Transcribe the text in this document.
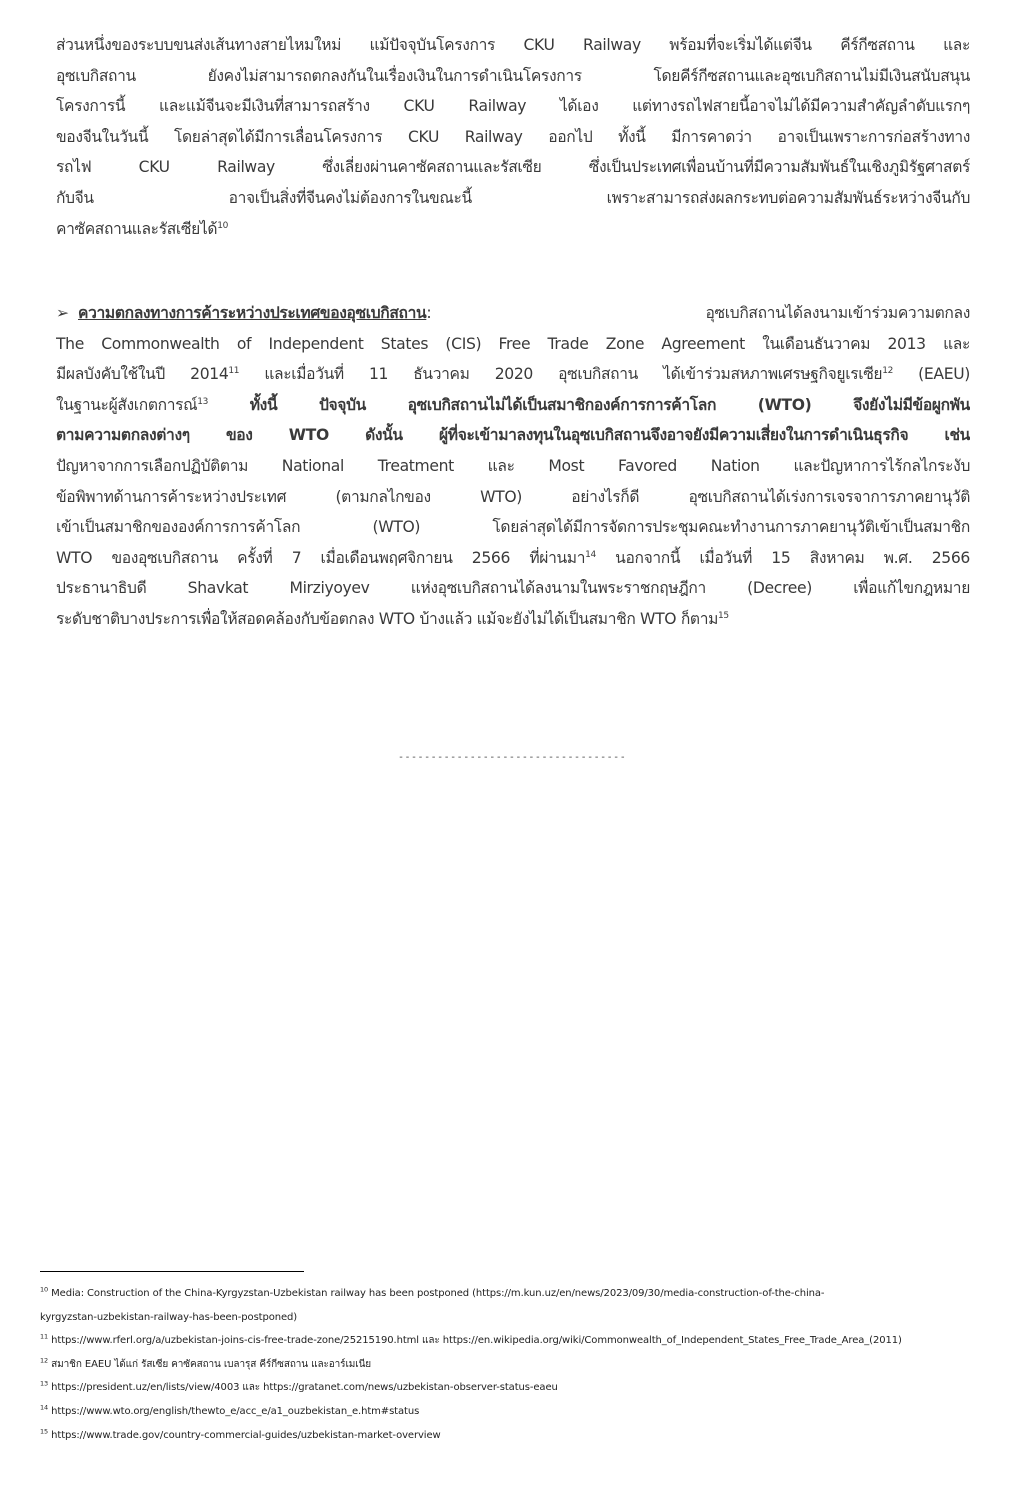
ส่วนหนึ่งของระบบขนส่งเส้นทางสายไหมใหม่ แม้ปัจจุบันโครงการ CKU Railway พร้อมที่จะเริ่มได้แต่จีน คีร์กีซสถาน และ
อุซเบกิสถาน ยังคงไม่สามารถตกลงกันในเรื่องเงินในการดำเนินโครงการ โดยคีร์กีซสถานและอุซเบกิสถานไม่มีเงินสนับสนุน
โครงการนี้ และแม้จีนจะมีเงินที่สามารถสร้าง CKU Railway ได้เอง แต่ทางรถไฟสายนี้อาจไม่ได้มีความสำคัญลำดับแรกๆ
ของจีนในวันนี้ โดยล่าสุดได้มีการเลื่อนโครงการ CKU Railway ออกไป ทั้งนี้ มีการคาดว่า อาจเป็นเพราะการก่อสร้างทาง
รถไฟ CKU Railway ซึ่งเลี่ยงผ่านคาซัคสถานและรัสเซีย ซึ่งเป็นประเทศเพื่อนบ้านที่มีความสัมพันธ์ในเชิงภูมิรัฐศาสตร์
กับจีน อาจเป็นสิ่งที่จีนคงไม่ต้องการในขณะนี้ เพราะสามารถส่งผลกระทบต่อความสัมพันธ์ระหว่างจีนกับ
คาซัคสถานและรัสเซียได้$^{10}$
➢ ความตกลงทางการค้าระหว่างประเทศของอุซเบกิสถาน: อุซเบกิสถานได้ลงนามเข้าร่วมความตกลง
The Commonwealth of Independent States (CIS) Free Trade Zone Agreement ในเดือนธันวาคม 2013 และ
มีผลบังคับใช้ในปี 2014$^{11}$ และเมื่อวันที่ 11 ธันวาคม 2020 อุซเบกิสถาน ได้เข้าร่วมสหภาพเศรษฐกิจยูเรเซีย$^{12}$ (EAEU)
ในฐานะผู้สังเกตการณ์$^{13}$ ทั้งนี้ ปัจจุบัน อุซเบกิสถานไม่ได้เป็นสมาชิกองค์การการค้าโลก (WTO) จึงยังไม่มีข้อผูกพัน
ตามความตกลงต่างๆ ของ WTO ดังนั้น ผู้ที่จะเข้ามาลงทุนในอุซเบกิสถานจึงอาจยังมีความเสี่ยงในการดำเนินธุรกิจ เช่น
ปัญหาจากการเลือกปฏิบัติตาม National Treatment และ Most Favored Nation และปัญหาการไร้กลไกระงับ
ข้อพิพาทด้านการค้าระหว่างประเทศ (ตามกลไกของ WTO) อย่างไรก็ดี อุซเบกิสถานได้เร่งการเจรจาการภาคยานุวัติ
เข้าเป็นสมาชิกขององค์การการค้าโลก (WTO) โดยล่าสุดได้มีการจัดการประชุมคณะทำงานการภาคยานุวัติเข้าเป็นสมาชิก
WTO ของอุซเบกิสถาน ครั้งที่ 7 เมื่อเดือนพฤศจิกายน 2566 ที่ผ่านมา$^{14}$ นอกจากนี้ เมื่อวันที่ 15 สิงหาคม พ.ศ. 2566
ประธานาธิบดี Shavkat Mirziyoyev แห่งอุซเบกิสถานได้ลงนามในพระราชกฤษฎีกา (Decree) เพื่อแก้ไขกฎหมาย
ระดับชาติบางประการเพื่อให้สอดคล้องกับข้อตกลง WTO บ้างแล้ว แม้จะยังไม่ได้เป็นสมาชิก WTO ก็ตาม$^{15}$
-----------------------------------
$^{10}$ Media: Construction of the China-Kyrgyzstan-Uzbekistan railway has been postponed (https://m.kun.uz/en/news/2023/09/30/media-construction-of-the-china-
kyrgyzstan-uzbekistan-railway-has-been-postponed)
$^{11}$ https://www.rferl.org/a/uzbekistan-joins-cis-free-trade-zone/25215190.html และ https://en.wikipedia.org/wiki/Commonwealth_of_Independent_States_Free_Trade_Area_(2011)
$^{12}$ สมาชิก EAEU ได้แก่ รัสเซีย คาซัคสถาน เบลารุส คีร์กีซสถาน และอาร์เมเนีย
$^{13}$ https://president.uz/en/lists/view/4003 และ https://gratanet.com/news/uzbekistan-observer-status-eaeu
$^{14}$ https://www.wto.org/english/thewto_e/acc_e/a1_ouzbekistan_e.htm#status
$^{15}$ https://www.trade.gov/country-commercial-guides/uzbekistan-market-overview
